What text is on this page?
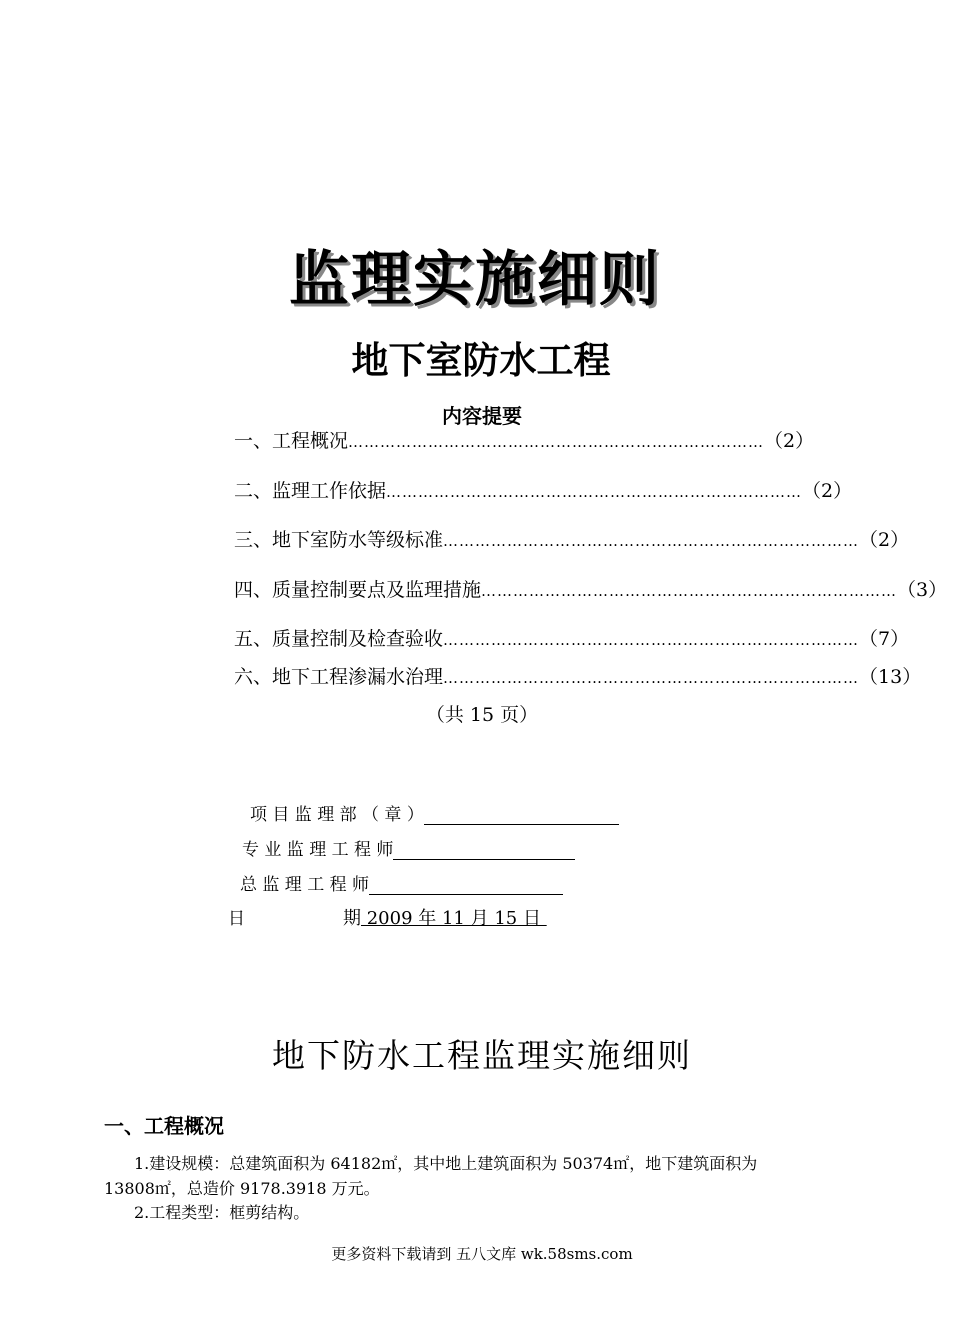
监理实施细则
地下室防水工程
内容提要
一、工程概况 …………………………………………………………………… （2）
二、监理工作依据 …………………………………………………………………… （2）
三、地下室防水等级标准 …………………………………………………………………… （2）
四、质量控制要点及监理措施 …………………………………………………………………… （3）
五、质量控制及检查验收 …………………………………………………………………… （7）
六、地下工程渗漏水治理 …………………………………………………………………… （13）
（共 15 页）
项 目 监 理 部 （ 章 ）
专 业 监 理 工 程 师
总 监 理 工 程 师
日	期 2009 年 11 月 15 日
地下防水工程监理实施细则
一、工程概况
1.建设规模：总建筑面积为 64182㎡，其中地上建筑面积为 50374㎡，地下建筑面积为
13808㎡，总造价 9178.3918 万元。
2.工程类型：框剪结构。
更多资料下载请到 五八文库 wk.58sms.com
